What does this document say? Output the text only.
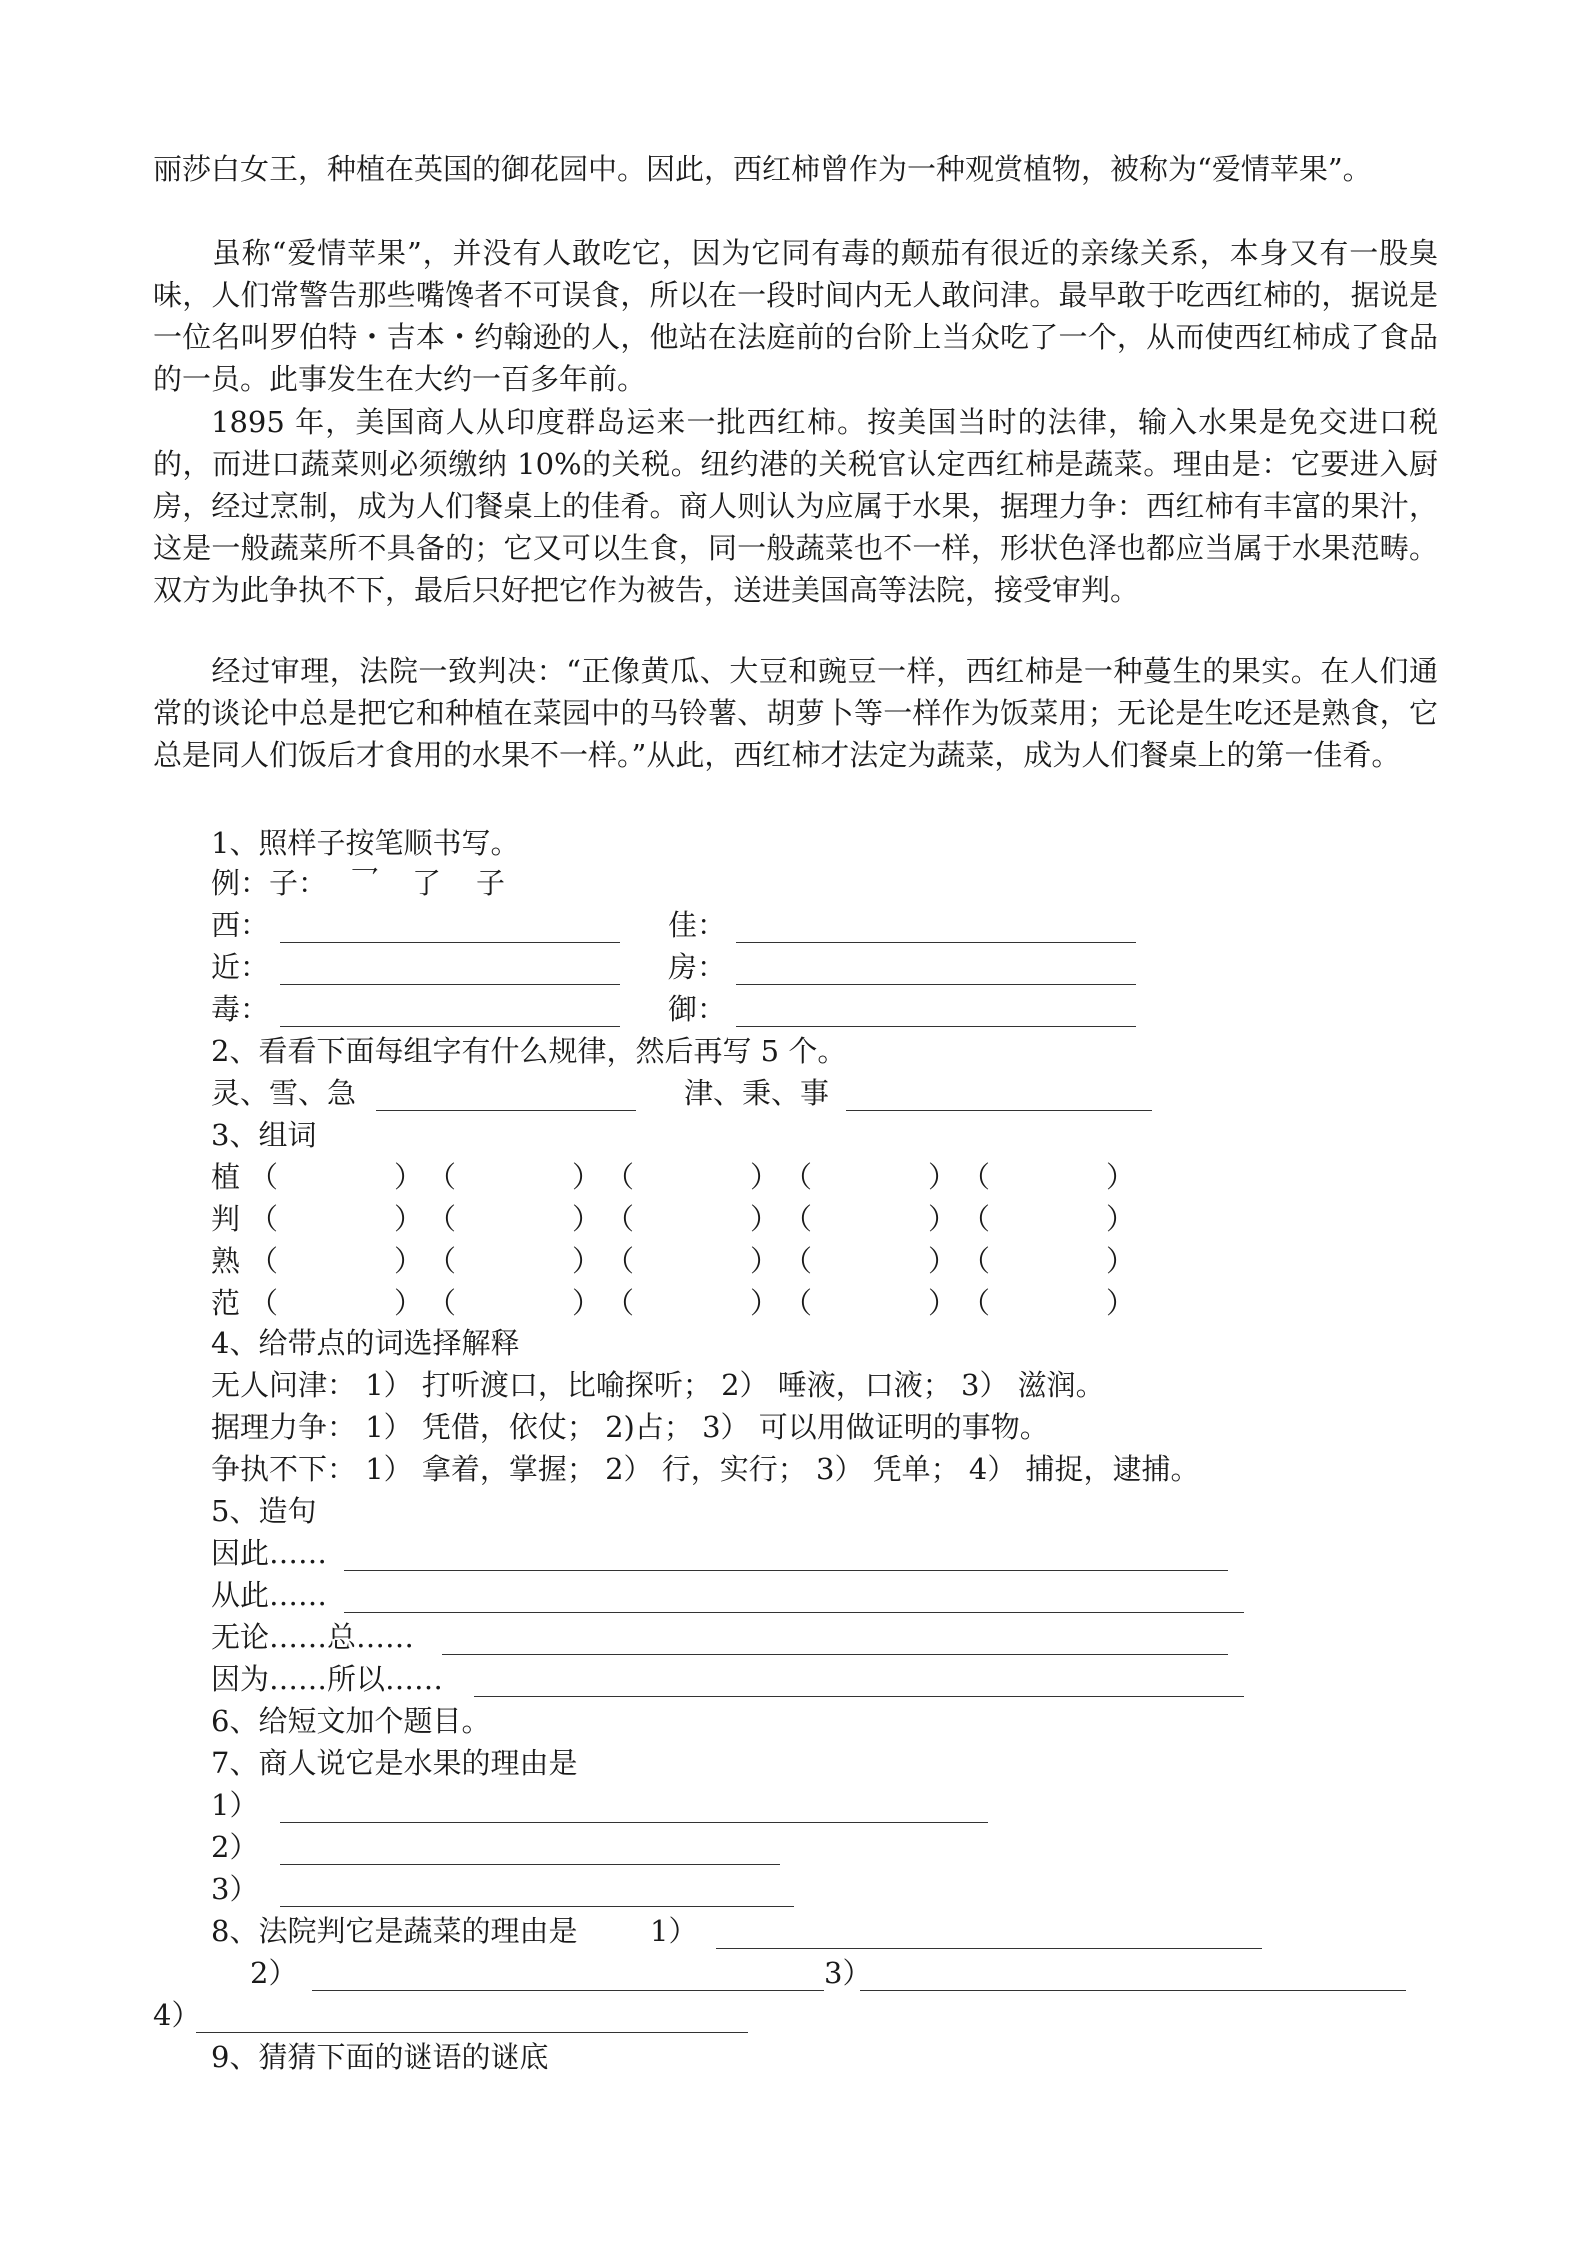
丽莎白女王，种植在英国的御花园中。因此，西红柿曾作为一种观赏植物，被称为“爱情苹果”。
虽称“爱情苹果”，并没有人敢吃它，因为它同有毒的颠茄有很近的亲缘关系，本身又有一股臭味，人们常警告那些嘴馋者不可误食，所以在一段时间内无人敢问津。最早敢于吃西红柿的，据说是一位名叫罗伯特・吉本・约翰逊的人，他站在法庭前的台阶上当众吃了一个，从而使西红柿成了食品的一员。此事发生在大约一百多年前。
1895 年，美国商人从印度群岛运来一批西红柿。按美国当时的法律，输入水果是免交进口税的，而进口蔬菜则必须缴纳 10%的关税。纽约港的关税官认定西红柿是蔬菜。理由是：它要进入厨房，经过烹制，成为人们餐桌上的佳肴。商人则认为应属于水果，据理力争：西红柿有丰富的果汁，这是一般蔬菜所不具备的；它又可以生食，同一般蔬菜也不一样，形状色泽也都应当属于水果范畴。双方为此争执不下，最后只好把它作为被告，送进美国高等法院，接受审判。
经过审理，法院一致判决：“正像黄瓜、大豆和豌豆一样，西红柿是一种蔓生的果实。在人们通常的谈论中总是把它和种植在菜园中的马铃薯、胡萝卜等一样作为饭菜用；无论是生吃还是熟食，它总是同人们饭后才食用的水果不一样。”从此，西红柿才法定为蔬菜，成为人们餐桌上的第一佳肴。
1、照样子按笔顺书写。
例：子： 乛 了 子
西：	佳：
近：	房：
毒：	御：
2、看看下面每组字有什么规律，然后再写 5 个。
灵、雪、急	津、秉、事
3、组词
植 （	） （	） （	） （	） （	）
判 （	） （	） （	） （	） （	）
熟 （	） （	） （	） （	） （	）
范 （	） （	） （	） （	） （	）
4、给带点的词选择解释
无人问津： 1） 打听渡口，比喻探听； 2） 唾液，口液； 3） 滋润。
据理力争： 1） 凭借，依仗； 2)占； 3） 可以用做证明的事物。
争执不下： 1） 拿着，掌握； 2） 行，实行； 3） 凭单； 4） 捕捉，逮捕。
5、造句
因此……
从此……
无论……总……
因为……所以……
6、给短文加个题目。
7、商人说它是水果的理由是
1）
2）
3）
8、法院判它是蔬菜的理由是	1）
2）	3）
4）
9、猜猜下面的谜语的谜底
